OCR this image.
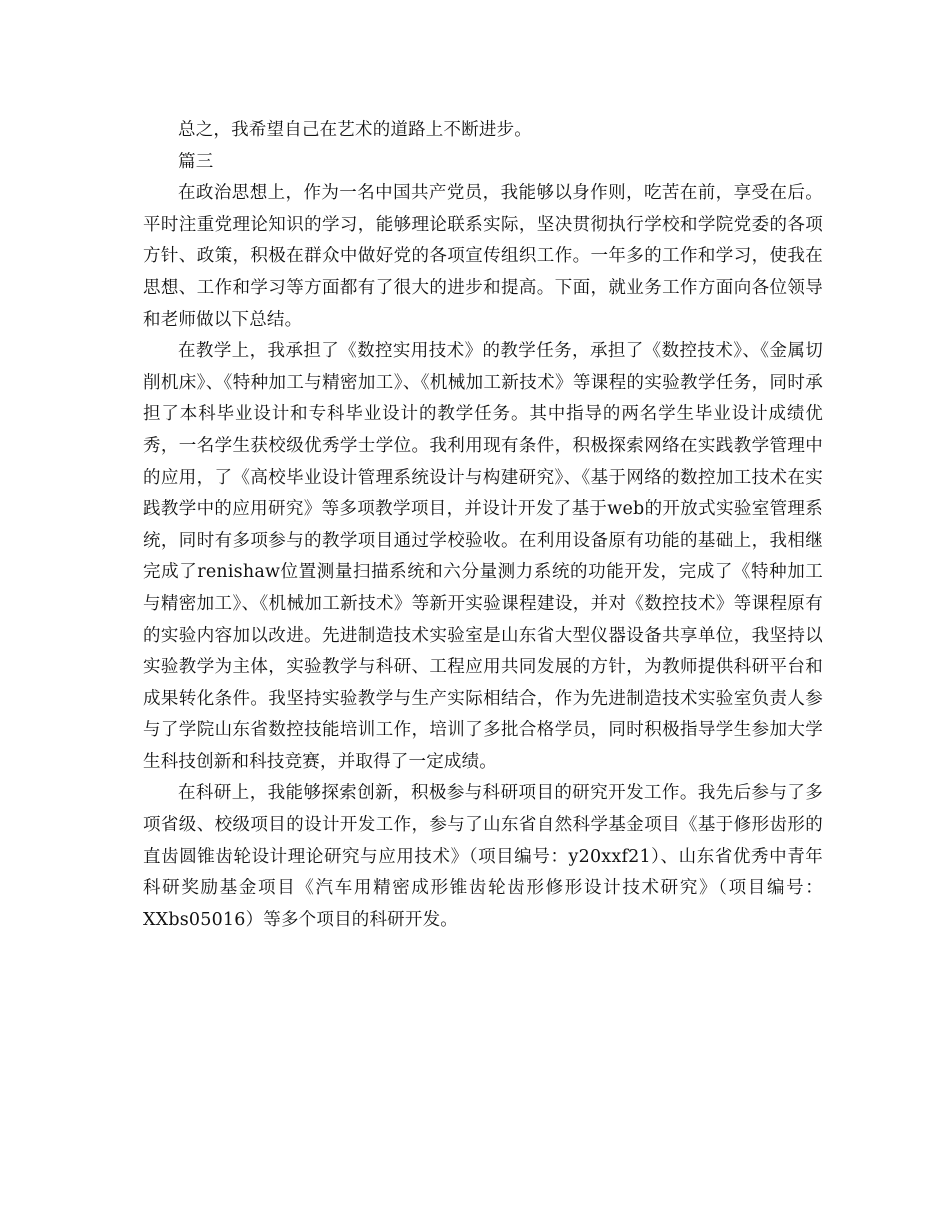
总之，我希望自己在艺术的道路上不断进步。

篇三

在政治思想上，作为一名中国共产党员，我能够以身作则，吃苦在前，享受在后。平时注重党理论知识的学习，能够理论联系实际，坚决贯彻执行学校和学院党委的各项方针、政策，积极在群众中做好党的各项宣传组织工作。一年多的工作和学习，使我在思想、工作和学习等方面都有了很大的进步和提高。下面，就业务工作方面向各位领导和老师做以下总结。

在教学上，我承担了《数控实用技术》的教学任务，承担了《数控技术》、《金属切削机床》、《特种加工与精密加工》、《机械加工新技术》等课程的实验教学任务，同时承担了本科毕业设计和专科毕业设计的教学任务。其中指导的两名学生毕业设计成绩优秀，一名学生获校级优秀学士学位。我利用现有条件，积极探索网络在实践教学管理中的应用，了《高校毕业设计管理系统设计与构建研究》、《基于网络的数控加工技术在实践教学中的应用研究》等多项教学项目，并设计开发了基于web的开放式实验室管理系统，同时有多项参与的教学项目通过学校验收。在利用设备原有功能的基础上，我相继完成了renishaw位置测量扫描系统和六分量测力系统的功能开发，完成了《特种加工与精密加工》、《机械加工新技术》等新开实验课程建设，并对《数控技术》等课程原有的实验内容加以改进。先进制造技术实验室是山东省大型仪器设备共享单位，我坚持以实验教学为主体，实验教学与科研、工程应用共同发展的方针，为教师提供科研平台和成果转化条件。我坚持实验教学与生产实际相结合，作为先进制造技术实验室负责人参与了学院山东省数控技能培训工作，培训了多批合格学员，同时积极指导学生参加大学生科技创新和科技竞赛，并取得了一定成绩。

在科研上，我能够探索创新，积极参与科研项目的研究开发工作。我先后参与了多项省级、校级项目的设计开发工作，参与了山东省自然科学基金项目《基于修形齿形的直齿圆锥齿轮设计理论研究与应用技术》（项目编号：y20xxf21）、山东省优秀中青年科研奖励基金项目《汽车用精密成形锥齿轮齿形修形设计技术研究》（项目编号：XXbs05016）等多个项目的科研开发。
